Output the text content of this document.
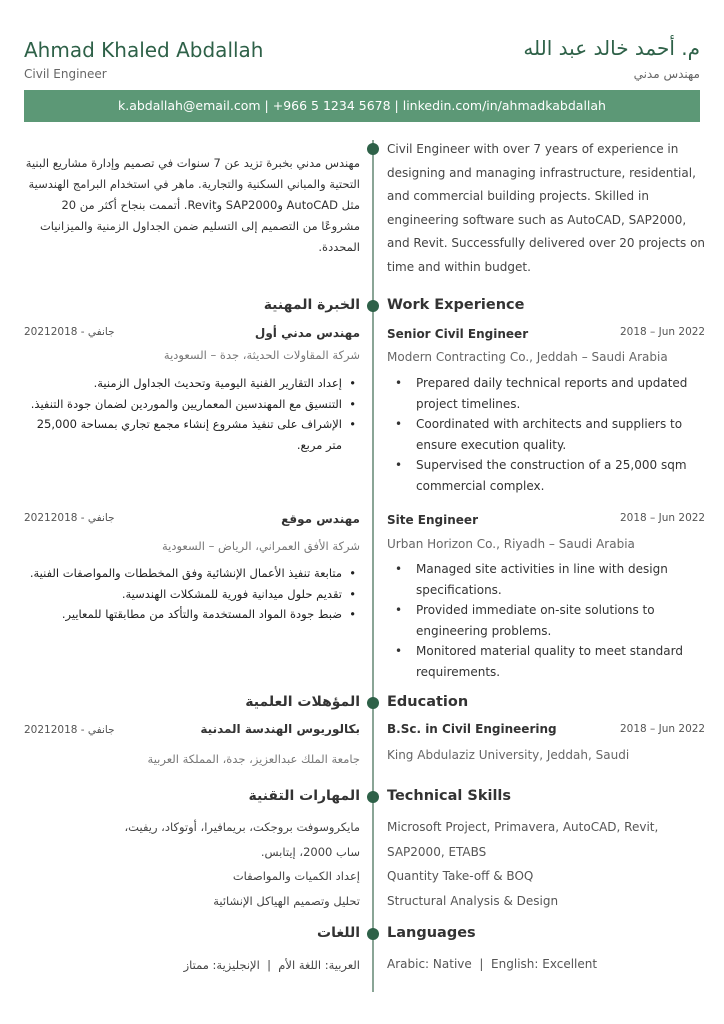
Ahmad Khaled Abdallah
Civil Engineer
م. أحمد خالد عبد الله
مهندس مدني
k.abdallah@email.com | +966 5 1234 5678 | linkedin.com/in/ahmadkabdallah
Civil Engineer with over 7 years of experience in designing and managing infrastructure, residential, and commercial building projects. Skilled in engineering software such as AutoCAD, SAP2000, and Revit. Successfully delivered over 20 projects on time and within budget.
مهندس مدني بخبرة تزيد عن 7 سنوات في تصميم وإدارة مشاريع البنية التحتية والمباني السكنية والتجارية. ماهر في استخدام البرامج الهندسية مثل AutoCAD وSAP2000 وRevit. أتممت بنجاح أكثر من 20 مشروعًا من التصميم إلى التسليم ضمن الجداول الزمنية والميزانيات المحددة.
Work Experience
الخبرة المهنية
Senior Civil Engineer	2018 – Jun 2022
Modern Contracting Co., Jeddah – Saudi Arabia
• Prepared daily technical reports and updated project timelines.
• Coordinated with architects and suppliers to ensure execution quality.
• Supervised the construction of a 25,000 sqm commercial complex.
مهندس مدني أول
2021جانفي - 2018
شركة المقاولات الحديثة، جدة – السعودية
• إعداد التقارير الفنية اليومية وتحديث الجداول الزمنية.
• التنسيق مع المهندسين المعماريين والموردين لضمان جودة التنفيذ.
• الإشراف على تنفيذ مشروع إنشاء مجمع تجاري بمساحة 25,000 متر مربع.
Site Engineer	2018 – Jun 2022
Urban Horizon Co., Riyadh – Saudi Arabia
• Managed site activities in line with design specifications.
• Provided immediate on-site solutions to engineering problems.
• Monitored material quality to meet standard requirements.
مهندس موقع
2021جانفي - 2018
شركة الأفق العمراني، الرياض – السعودية
• متابعة تنفيذ الأعمال الإنشائية وفق المخططات والمواصفات الفنية.
• تقديم حلول ميدانية فورية للمشكلات الهندسية.
• ضبط جودة المواد المستخدمة والتأكد من مطابقتها للمعايير.
Education
المؤهلات العلمية
B.Sc. in Civil Engineering	2018 – Jun 2022
King Abdulaziz University, Jeddah, Saudi
بكالوريوس الهندسة المدنية
2021جانفي - 2018
جامعة الملك عبدالعزيز، جدة، المملكة العربية
Technical Skills
المهارات التقنية
Microsoft Project, Primavera, AutoCAD, Revit,
SAP2000, ETABS
Quantity Take-off & BOQ
Structural Analysis & Design
مايكروسوفت بروجكت، بريمافيرا، أوتوكاد، ريفيت،
ساب 2000، إيتابس.
إعداد الكميات والمواصفات
تحليل وتصميم الهياكل الإنشائية
Languages
اللغات
Arabic: Native  |  English: Excellent
العربية: اللغة الأم  |  الإنجليزية: ممتاز
